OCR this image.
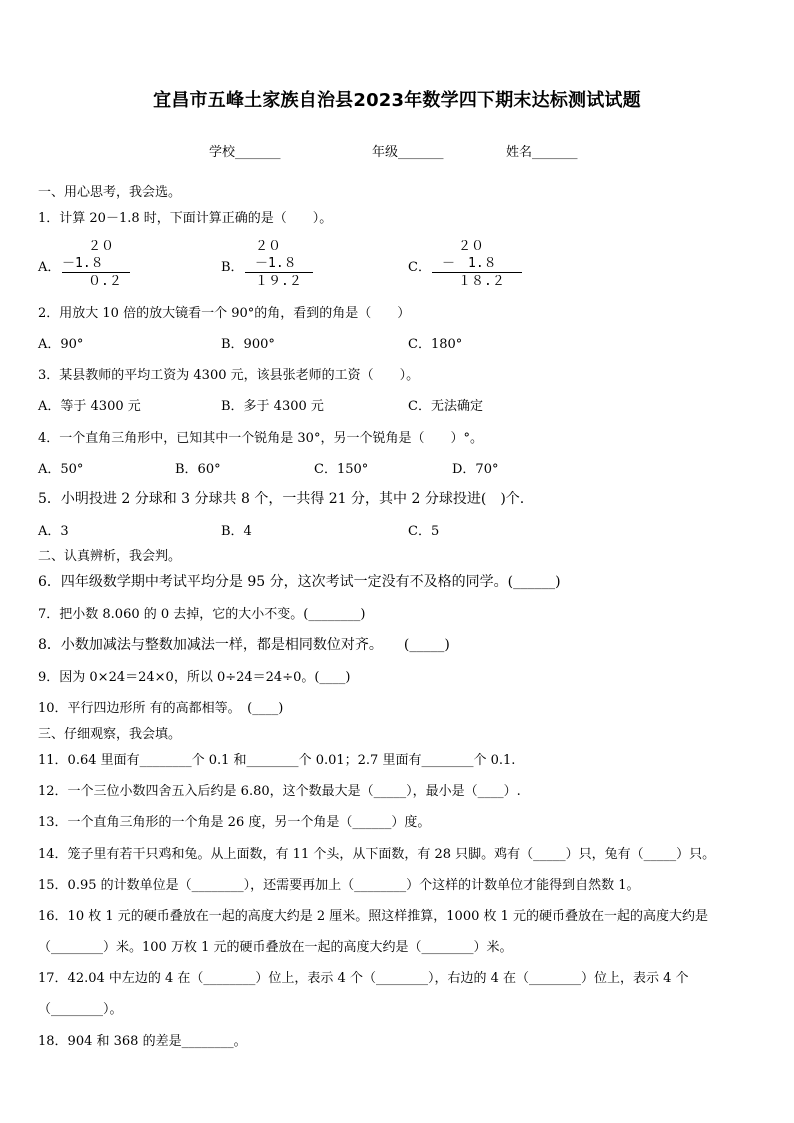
宜昌市五峰土家族自治县2023年数学四下期末达标测试试题
学校_______	年级_______	姓名_______
一、用心思考，我会选。
1．计算 20－1.8 时，下面计算正确的是（　　）。
A．
２０
－1.８
０.２
B．
２０
－1.８
１９.２
C．
２０
－　1.８
１８.２
2．用放大 10 倍的放大镜看一个 90°的角，看到的角是（　　）
A．90°	B．900°	C．180°
3．某县教师的平均工资为 4300 元，该县张老师的工资（　　）。
A．等于 4300 元	B．多于 4300 元	C．无法确定
4．一个直角三角形中，已知其中一个锐角是 30°，另一个锐角是（　　）°。
A．50°	B．60°	C．150°	D．70°
5．小明投进 2 分球和 3 分球共 8 个，一共得 21 分，其中 2 分球投进(　)个.
A．3	B．4	C．5
二、认真辨析，我会判。
6．四年级数学期中考试平均分是 95 分，这次考试一定没有不及格的同学。(______)
7．把小数 8.060 的 0 去掉，它的大小不变。(________)
8．小数加减法与整数加减法一样，都是相同数位对齐。　　(_____)
9．因为 0×24＝24×0，所以 0÷24＝24÷0。(____)
10．平行四边形所 有的高都相等。　(____)
三、仔细观察，我会填。
11．0.64 里面有________个 0.1 和________个 0.01；2.7 里面有________个 0.1.
12．一个三位小数四舍五入后约是 6.80，这个数最大是（_____），最小是（____）.
13．一个直角三角形的一个角是 26 度，另一个角是（______）度。
14．笼子里有若干只鸡和兔。从上面数，有 11 个头，从下面数，有 28 只脚。鸡有（_____）只，兔有（_____）只。
15．0.95 的计数单位是（________），还需要再加上（________）个这样的计数单位才能得到自然数 1。
16．10 枚 1 元的硬币叠放在一起的高度大约是 2 厘米。照这样推算，1000 枚 1 元的硬币叠放在一起的高度大约是
（________）米。100 万枚 1 元的硬币叠放在一起的高度大约是（________）米。
17．42.04 中左边的 4 在（________）位上，表示 4 个（________），右边的 4 在（________）位上，表示 4 个
（________）。
18．904 和 368 的差是________。
